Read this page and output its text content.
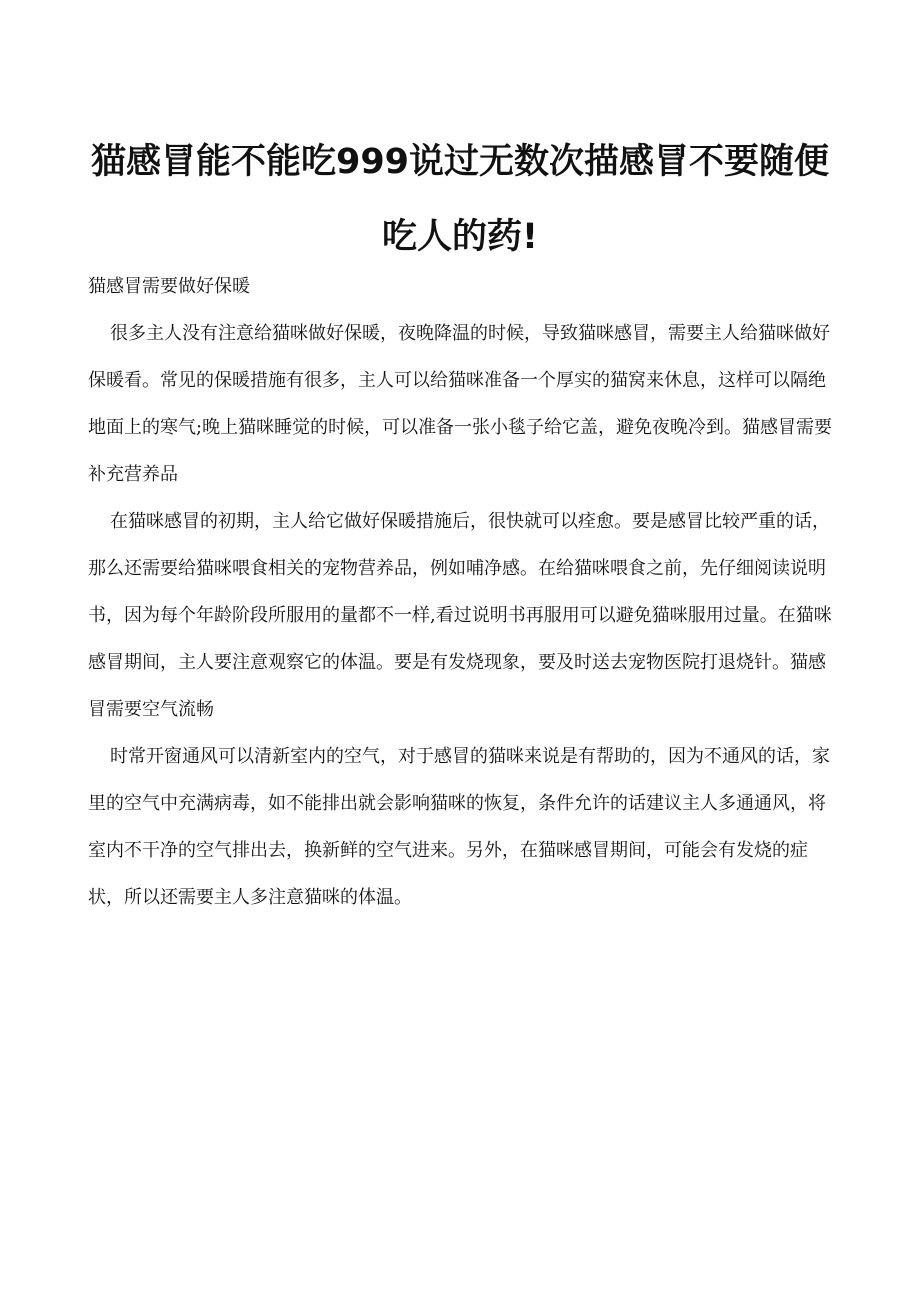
猫感冒能不能吃999说过无数次描感冒不要随便
吃人的药!

猫感冒需要做好保暖

很多主人没有注意给猫咪做好保暖，夜晚降温的时候，导致猫咪感冒，需要主人给猫咪做好保暖看。常见的保暖措施有很多，主人可以给猫咪准备一个厚实的猫窝来休息，这样可以隔绝地面上的寒气;晚上猫咪睡觉的时候，可以准备一张小毯子给它盖，避免夜晚冷到。猫感冒需要补充营养品

在猫咪感冒的初期，主人给它做好保暖措施后，很快就可以痊愈。要是感冒比较严重的话，那么还需要给猫咪喂食相关的宠物营养品，例如哺净感。在给猫咪喂食之前，先仔细阅读说明书，因为每个年龄阶段所服用的量都不一样,看过说明书再服用可以避免猫咪服用过量。在猫咪感冒期间，主人要注意观察它的体温。要是有发烧现象，要及时送去宠物医院打退烧针。猫感冒需要空气流畅

时常开窗通风可以清新室内的空气，对于感冒的猫咪来说是有帮助的，因为不通风的话，家里的空气中充满病毒，如不能排出就会影响猫咪的恢复，条件允许的话建议主人多通通风，将室内不干净的空气排出去，换新鲜的空气进来。另外，在猫咪感冒期间，可能会有发烧的症状，所以还需要主人多注意猫咪的体温。
